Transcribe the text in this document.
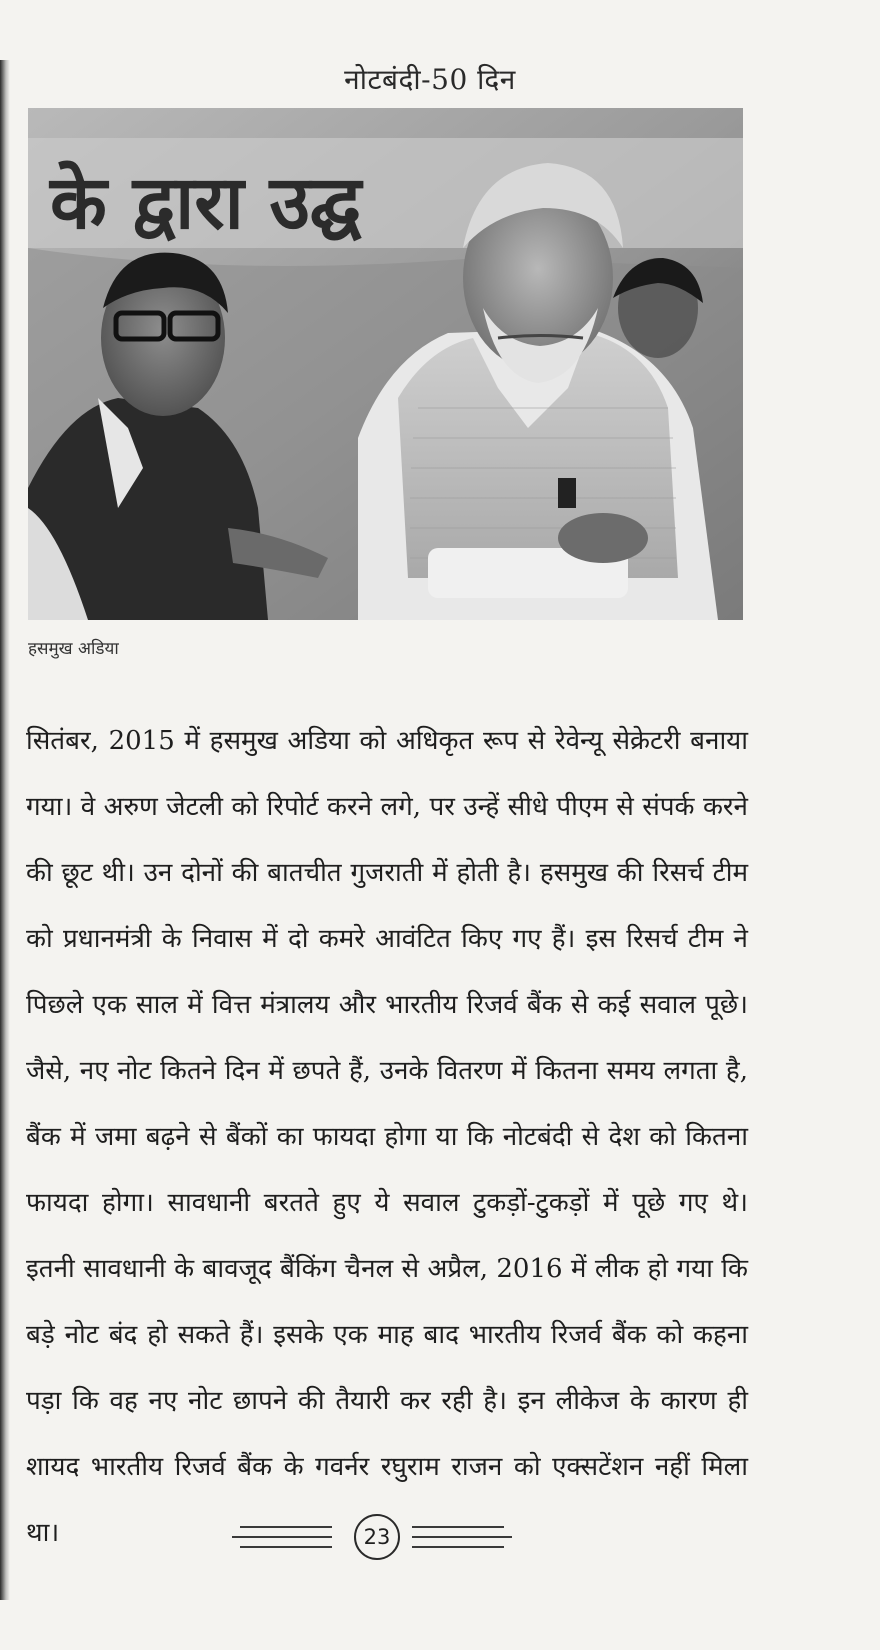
नोटबंदी-50 दिन
के द्वारा उद्घ
हसमुख अडिया
सितंबर, 2015 में हसमुख अडिया को अधिकृत रूप से रेवेन्यू सेक्रेटरी बनाया
गया। वे अरुण जेटली को रिपोर्ट करने लगे, पर उन्हें सीधे पीएम से संपर्क करने
की छूट थी। उन दोनों की बातचीत गुजराती में होती है। हसमुख की रिसर्च टीम
को प्रधानमंत्री के निवास में दो कमरे आवंटित किए गए हैं। इस रिसर्च टीम ने
पिछले एक साल में वित्त मंत्रालय और भारतीय रिजर्व बैंक से कई सवाल पूछे।
जैसे, नए नोट कितने दिन में छपते हैं, उनके वितरण में कितना समय लगता है,
बैंक में जमा बढ़ने से बैंकों का फायदा होगा या कि नोटबंदी से देश को कितना
फायदा होगा। सावधानी बरतते हुए ये सवाल टुकड़ों-टुकड़ों में पूछे गए थे।
इतनी सावधानी के बावजूद बैंकिंग चैनल से अप्रैल, 2016 में लीक हो गया कि
बड़े नोट बंद हो सकते हैं। इसके एक माह बाद भारतीय रिजर्व बैंक को कहना
पड़ा कि वह नए नोट छापने की तैयारी कर रही है। इन लीकेज के कारण ही
शायद भारतीय रिजर्व बैंक के गवर्नर रघुराम राजन को एक्सटेंशन नहीं मिला
था।	23
